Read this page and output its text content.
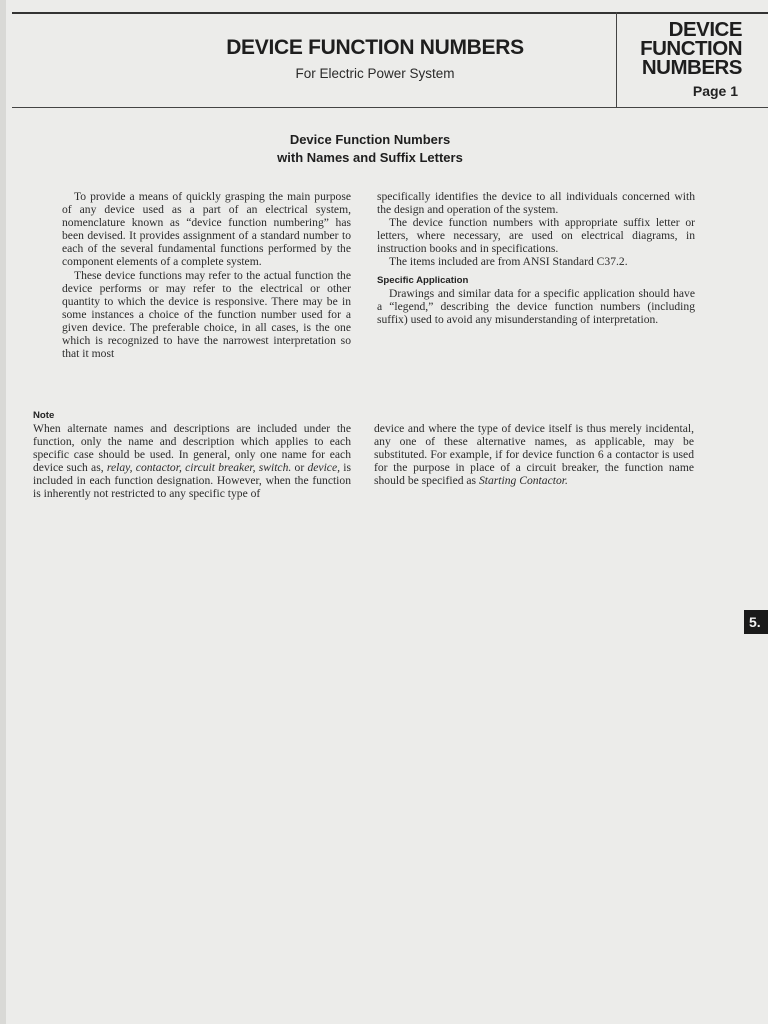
DEVICE FUNCTION NUMBERS
For Electric Power System
DEVICE
FUNCTION
NUMBERS
Page 1
Device Function Numbers
with Names and Suffix Letters

To provide a means of quickly grasping the main purpose of any device used as a part of an electrical system, nomenclature known as “device function numbering” has been devised. It provides assignment of a standard number to each of the several fundamental functions performed by the component elements of a complete system.

These device functions may refer to the actual function the device performs or may refer to the electrical or other quantity to which the device is responsive. There may be in some instances a choice of the function number used for a given device. The preferable choice, in all cases, is the one which is recognized to have the narrowest interpretation so that it most

specifically identifies the device to all individuals concerned with the design and operation of the system.

The device function numbers with appropriate suffix letter or letters, where necessary, are used on electrical diagrams, in instruction books and in specifications.

The items included are from ANSI Standard C37.2.

Specific Application

Drawings and similar data for a specific application should have a “legend,” describing the device function numbers (including suffix) used to avoid any misunderstanding of interpretation.

Note

When alternate names and descriptions are included under the function, only the name and description which applies to each specific case should be used. In general, only one name for each device such as, relay, contactor, circuit breaker, switch. or device, is included in each function designation. However, when the function is inherently not restricted to any specific type of

device and where the type of device itself is thus merely incidental, any one of these alternative names, as applicable, may be substituted. For example, if for device function 6 a contactor is used for the purpose in place of a circuit breaker, the function name should be specified as Starting Contactor.

5.
